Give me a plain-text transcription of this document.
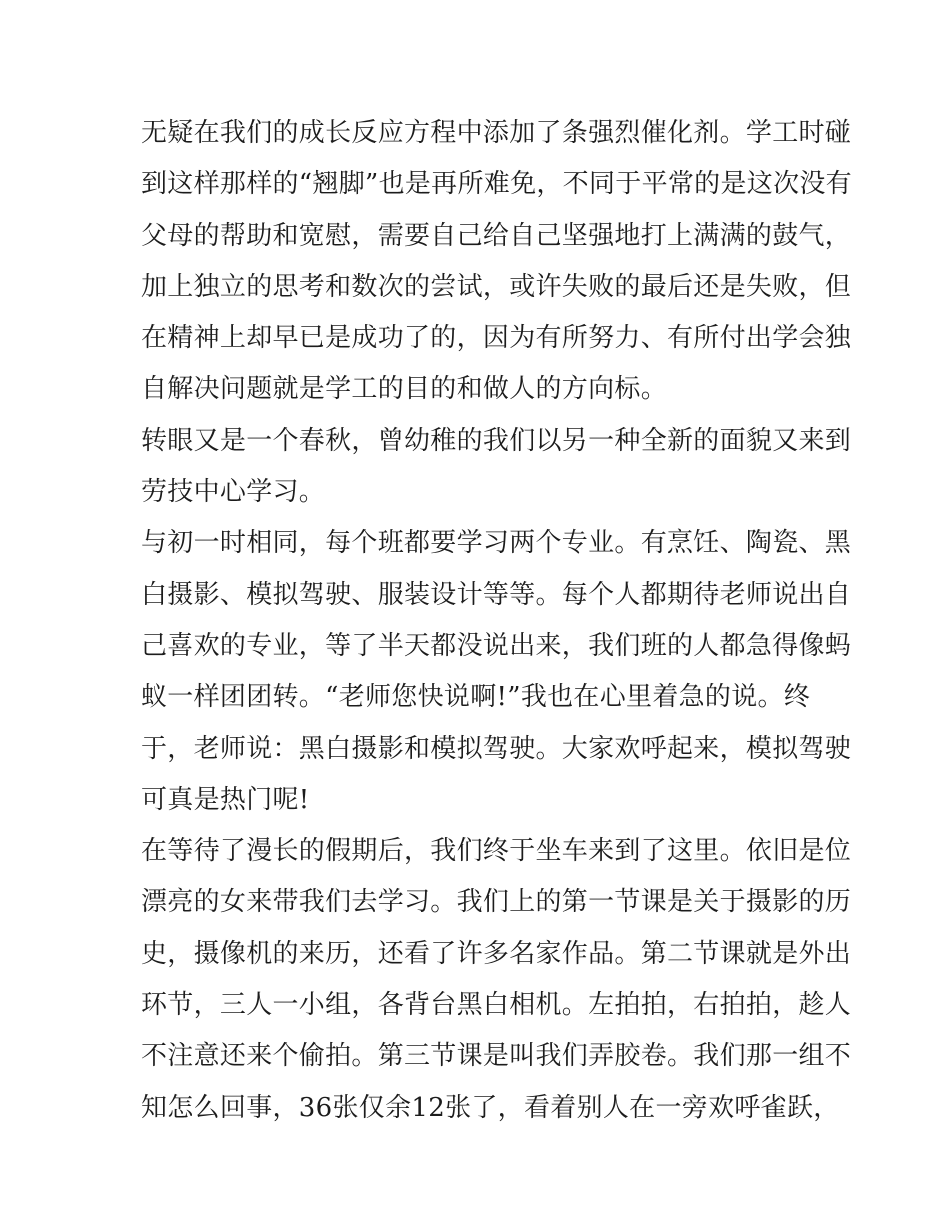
无疑在我们的成长反应方程中添加了条强烈催化剂。学工时碰
到这样那样的“翘脚”也是再所难免，不同于平常的是这次没有
父母的帮助和宽慰，需要自己给自己坚强地打上满满的鼓气，
加上独立的思考和数次的尝试，或许失败的最后还是失败，但
在精神上却早已是成功了的，因为有所努力、有所付出学会独
自解决问题就是学工的目的和做人的方向标。
转眼又是一个春秋，曾幼稚的我们以另一种全新的面貌又来到
劳技中心学习。
与初一时相同，每个班都要学习两个专业。有烹饪、陶瓷、黑
白摄影、模拟驾驶、服装设计等等。每个人都期待老师说出自
己喜欢的专业，等了半天都没说出来，我们班的人都急得像蚂
蚁一样团团转。“老师您快说啊!”我也在心里着急的说。终
于，老师说：黑白摄影和模拟驾驶。大家欢呼起来，模拟驾驶
可真是热门呢!
在等待了漫长的假期后，我们终于坐车来到了这里。依旧是位
漂亮的女来带我们去学习。我们上的第一节课是关于摄影的历
史，摄像机的来历，还看了许多名家作品。第二节课就是外出
环节，三人一小组，各背台黑白相机。左拍拍，右拍拍，趁人
不注意还来个偷拍。第三节课是叫我们弄胶卷。我们那一组不
知怎么回事，36张仅余12张了，看着别人在一旁欢呼雀跃，
